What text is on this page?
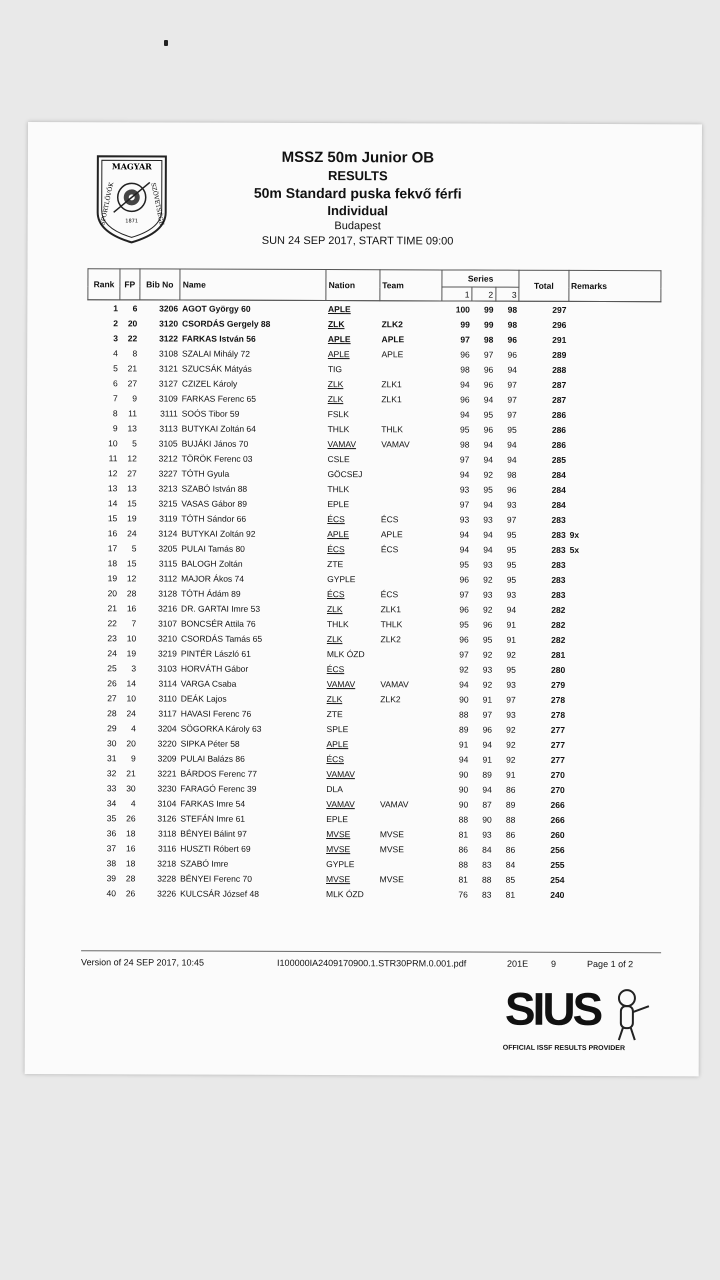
MAGYAR
SPORTLÖVŐK	SZÖVETSÉGE
1871
MSSZ 50m Junior OB
RESULTS
50m Standard puska fekvő férfi
Individual
Budapest
SUN 24 SEP 2017, START TIME 09:00
Rank	FP	Bib No	Name	Nation	Team	Series			Total	Remarks
						1	2	3		
1	6	3206	AGOT György 60	APLE		100	99	98	297	
2	20	3120	CSORDÁS Gergely 88	ZLK	ZLK2	99	99	98	296	
3	22	3122	FARKAS István 56	APLE	APLE	97	98	96	291	
4	8	3108	SZALAI Mihály 72	APLE	APLE	96	97	96	289	
5	21	3121	SZUCSÁK Mátyás	TIG		98	96	94	288	
6	27	3127	CZIZEL Károly	ZLK	ZLK1	94	96	97	287	
7	9	3109	FARKAS Ferenc 65	ZLK	ZLK1	96	94	97	287	
8	11	3111	SOÓS Tibor 59	FSLK		94	95	97	286	
9	13	3113	BUTYKAI Zoltán 64	THLK	THLK	95	96	95	286	
10	5	3105	BUJÁKI János 70	VAMAV	VAMAV	98	94	94	286	
11	12	3212	TÖRÖK Ferenc 03	CSLE		97	94	94	285	
12	27	3227	TÓTH Gyula	GÖCSEJ		94	92	98	284	
13	13	3213	SZABÓ István 88	THLK		93	95	96	284	
14	15	3215	VASAS Gábor 89	EPLE		97	94	93	284	
15	19	3119	TÓTH Sándor 66	ÉCS	ÉCS	93	93	97	283	
16	24	3124	BUTYKAI Zoltán 92	APLE	APLE	94	94	95	283	9x
17	5	3205	PULAI Tamás 80	ÉCS	ÉCS	94	94	95	283	5x
18	15	3115	BALOGH Zoltán	ZTE		95	93	95	283	
19	12	3112	MAJOR Ákos 74	GYPLE		96	92	95	283	
20	28	3128	TÓTH Ádám 89	ÉCS	ÉCS	97	93	93	283	
21	16	3216	DR. GARTAI Imre 53	ZLK	ZLK1	96	92	94	282	
22	7	3107	BONCSÉR Attila 76	THLK	THLK	95	96	91	282	
23	10	3210	CSORDÁS Tamás 65	ZLK	ZLK2	96	95	91	282	
24	19	3219	PINTÉR László 61	MLK ÓZD		97	92	92	281	
25	3	3103	HORVÁTH Gábor	ÉCS		92	93	95	280	
26	14	3114	VARGA Csaba	VAMAV	VAMAV	94	92	93	279	
27	10	3110	DEÁK Lajos	ZLK	ZLK2	90	91	97	278	
28	24	3117	HAVASI Ferenc 76	ZTE		88	97	93	278	
29	4	3204	SÖGORKA Károly 63	SPLE		89	96	92	277	
30	20	3220	SIPKA Péter 58	APLE		91	94	92	277	
31	9	3209	PULAI Balázs 86	ÉCS		94	91	92	277	
32	21	3221	BÁRDOS Ferenc 77	VAMAV		90	89	91	270	
33	30	3230	FARAGÓ Ferenc 39	DLA		90	94	86	270	
34	4	3104	FARKAS Imre 54	VAMAV	VAMAV	90	87	89	266	
35	26	3126	STEFÁN Imre 61	EPLE		88	90	88	266	
36	18	3118	BÉNYEI Bálint 97	MVSE	MVSE	81	93	86	260	
37	16	3116	HUSZTI Róbert 69	MVSE	MVSE	86	84	86	256	
38	18	3218	SZABÓ Imre	GYPLE		88	83	84	255	
39	28	3228	BÉNYEI Ferenc 70	MVSE	MVSE	81	88	85	254	
40	26	3226	KULCSÁR József 48	MLK ÓZD		76	83	81	240	
Version of 24 SEP 2017, 10:45	I100000IA2409170900.1.STR30PRM.0.001.pdf	201E	9	Page 1 of 2
SIUS
OFFICIAL ISSF RESULTS PROVIDER
